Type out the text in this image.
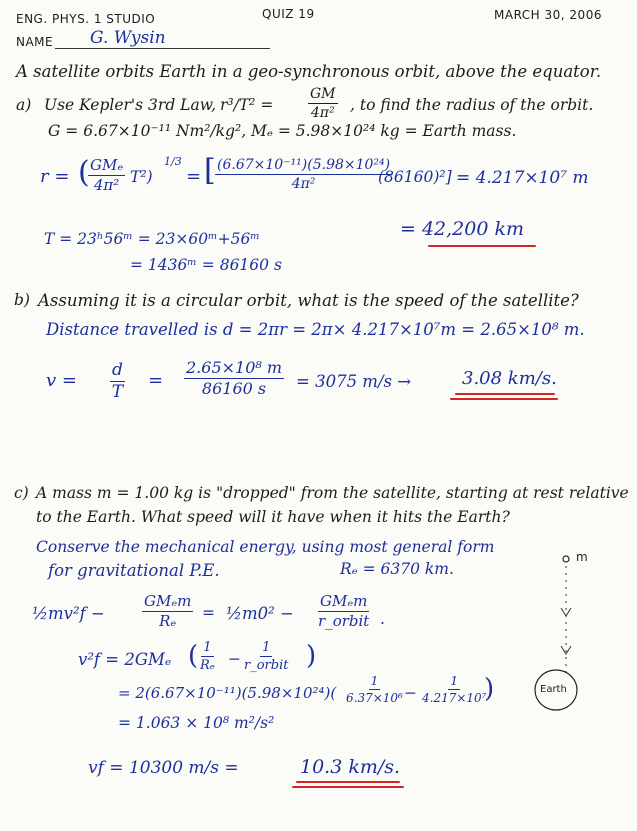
ENG. PHYS. 1 STUDIO	QUIZ 19	MARCH 30, 2006
NAME G. Wysin
A satellite orbits Earth in a geo-synchronous orbit, above the equator.
a) Use Kepler's 3rd Law, $r^3/T^2 = \frac{GM}{\text{4π²}}$ , to find the radius of the orbit.
G = 6.67×10⁻¹¹ Nm²/kg², Mₑ = 5.98×10²⁴ kg = Earth mass.
r = ( GMₑ
4π² T²)
1/3
= [ $\frac{\text{(6.67×10⁻¹¹)(5.98×10²⁴)}}{\text{4π²}}$
(86160)²] = 4.217×10⁷ m
= 42,200 km
T = 23ʰ56ᵐ = 23×60ᵐ+56ᵐ
= 1436ᵐ = 86160 s
b) Assuming it is a circular orbit, what is the speed of the satellite?
Distance travelled is d = 2πr = 2π× 4.217×10⁷m = 2.65×10⁸ m.
$v = \frac{d}{T} = \frac{\text{2.65×10⁸ m}}{86160 s} = 3075$ m/s →	3.08 km/s.
c) A mass m = 1.00 kg is "dropped" from the satellite, starting at rest relative
to the Earth. What speed will it have when it hits the Earth?
Conserve the mechanical energy, using most general form
for gravitational P.E.	Rₑ = 6370 km.
½mv²f −
GMₑm
Rₑ = ½m0² −
GMₑm
r_orbit .
v²f = 2GMₑ ( $\frac{1}{\text{Rₑ}}$ −
1
r_orbit )
= $2(6.67\times 10^{-11})(5.98\times 10^{24})( \frac{1}{\text{6.37×10⁶}} - \frac{1}{\text{4.217×10⁷}}$
)
= 1.063 × 10⁸ m²/s²
vf = 10300 m/s =	10.3 km/s.
m
Earth
